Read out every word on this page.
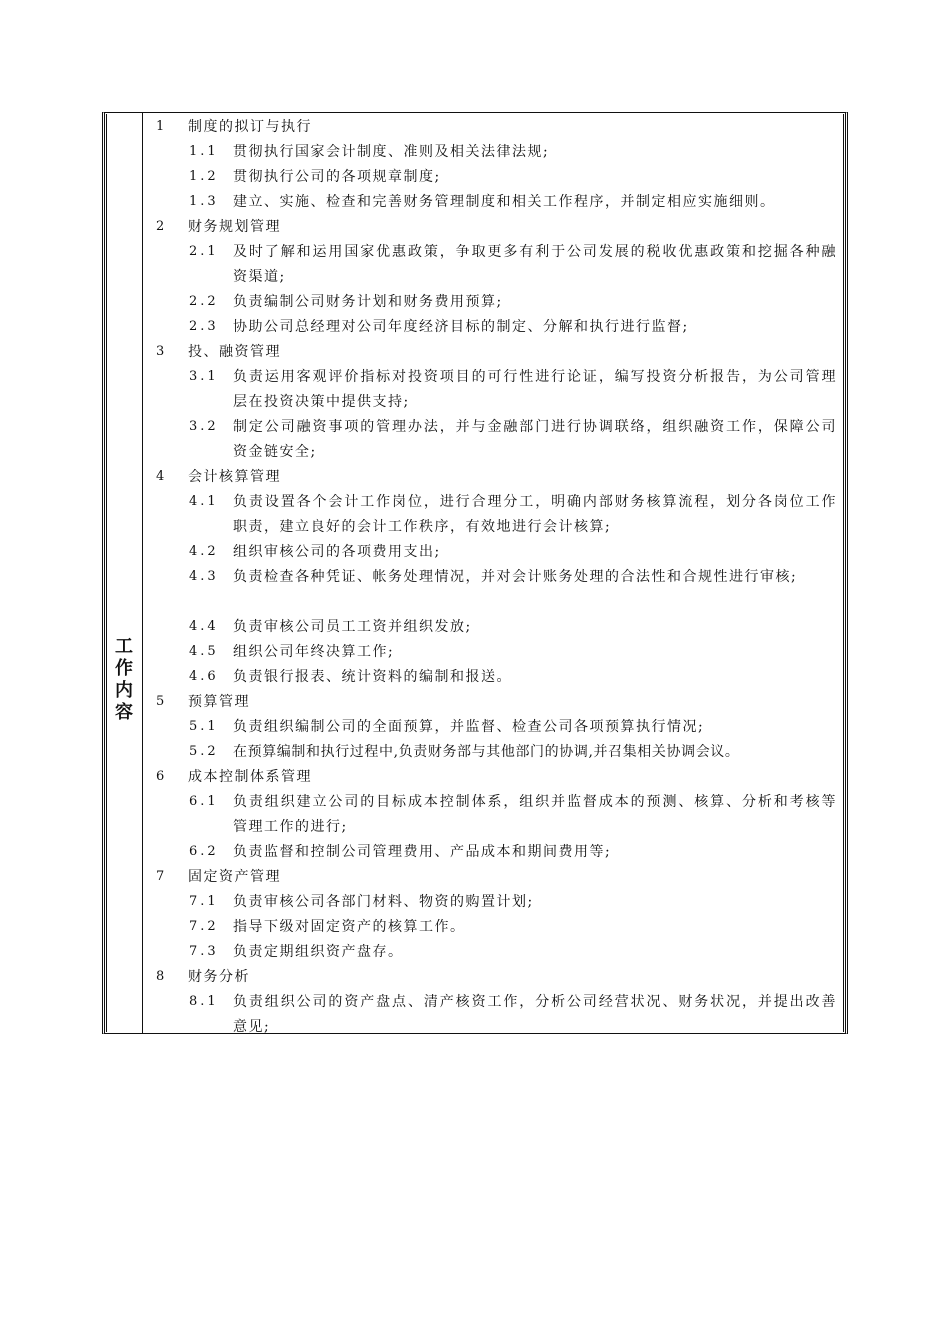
工
作
内
容
1 制度的拟订与执行
1.1 贯彻执行国家会计制度、准则及相关法律法规;
1.2 贯彻执行公司的各项规章制度;
1.3 建立、实施、检查和完善财务管理制度和相关工作程序，并制定相应实施细则。
2 财务规划管理
2.1 及时了解和运用国家优惠政策，争取更多有利于公司发展的税收优惠政策和挖掘各种融资渠道;
2.2 负责编制公司财务计划和财务费用预算;
2.3 协助公司总经理对公司年度经济目标的制定、分解和执行进行监督;
3 投、融资管理
3.1 负责运用客观评价指标对投资项目的可行性进行论证，编写投资分析报告，为公司管理层在投资决策中提供支持;
3.2 制定公司融资事项的管理办法，并与金融部门进行协调联络，组织融资工作，保障公司资金链安全;
4 会计核算管理
4.1 负责设置各个会计工作岗位，进行合理分工，明确内部财务核算流程，划分各岗位工作职责，建立良好的会计工作秩序，有效地进行会计核算;
4.2 组织审核公司的各项费用支出;
4.3 负责检查各种凭证、帐务处理情况，并对会计账务处理的合法性和合规性进行审核;
4.4 负责审核公司员工工资并组织发放;
4.5 组织公司年终决算工作;
4.6 负责银行报表、统计资料的编制和报送。
5 预算管理
5.1 负责组织编制公司的全面预算，并监督、检查公司各项预算执行情况;
5.2 在预算编制和执行过程中,负责财务部与其他部门的协调,并召集相关协调会议。
6 成本控制体系管理
6.1 负责组织建立公司的目标成本控制体系，组织并监督成本的预测、核算、分析和考核等管理工作的进行;
6.2 负责监督和控制公司管理费用、产品成本和期间费用等;
7 固定资产管理
7.1 负责审核公司各部门材料、物资的购置计划;
7.2 指导下级对固定资产的核算工作。
7.3 负责定期组织资产盘存。
8 财务分析
8.1 负责组织公司的资产盘点、清产核资工作，分析公司经营状况、财务状况，并提出改善意见;
